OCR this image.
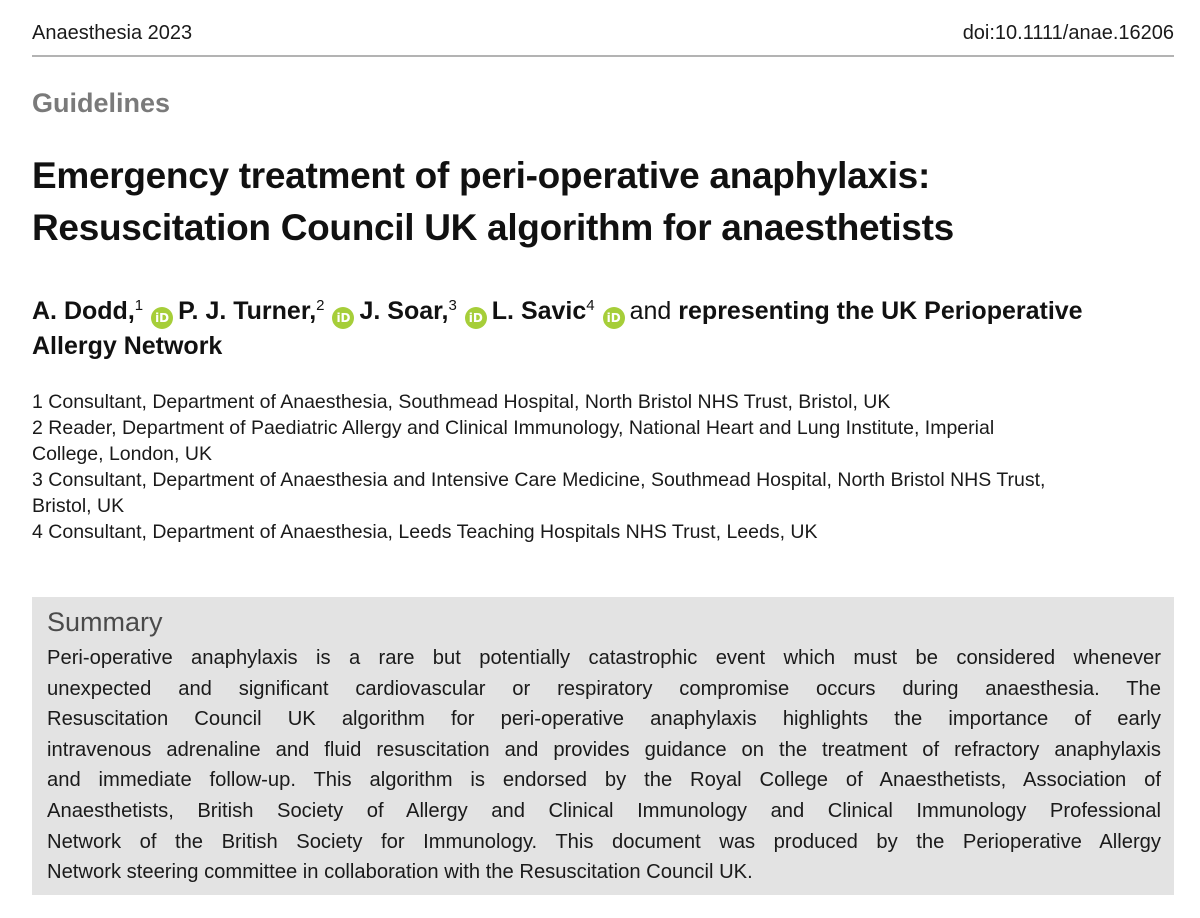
Anaesthesia 2023	doi:10.1111/anae.16206
Guidelines
Emergency treatment of peri-operative anaphylaxis:
Resuscitation Council UK algorithm for anaesthetists
A. Dodd,$^1$iD P. J. Turner,$^2$iD J. Soar,$^3$iD L. Savic$^4$iD and representing the UK Perioperative
Allergy Network
1 Consultant, Department of Anaesthesia, Southmead Hospital, North Bristol NHS Trust, Bristol, UK
2 Reader, Department of Paediatric Allergy and Clinical Immunology, National Heart and Lung Institute, Imperial
College, London, UK
3 Consultant, Department of Anaesthesia and Intensive Care Medicine, Southmead Hospital, North Bristol NHS Trust,
Bristol, UK
4 Consultant, Department of Anaesthesia, Leeds Teaching Hospitals NHS Trust, Leeds, UK
Summary
Peri-operative anaphylaxis is a rare but potentially catastrophic event which must be considered whenever
unexpected and significant cardiovascular or respiratory compromise occurs during anaesthesia. The
Resuscitation Council UK algorithm for peri-operative anaphylaxis highlights the importance of early
intravenous adrenaline and fluid resuscitation and provides guidance on the treatment of refractory anaphylaxis
and immediate follow-up. This algorithm is endorsed by the Royal College of Anaesthetists, Association of
Anaesthetists, British Society of Allergy and Clinical Immunology and Clinical Immunology Professional
Network of the British Society for Immunology. This document was produced by the Perioperative Allergy
Network steering committee in collaboration with the Resuscitation Council UK.
